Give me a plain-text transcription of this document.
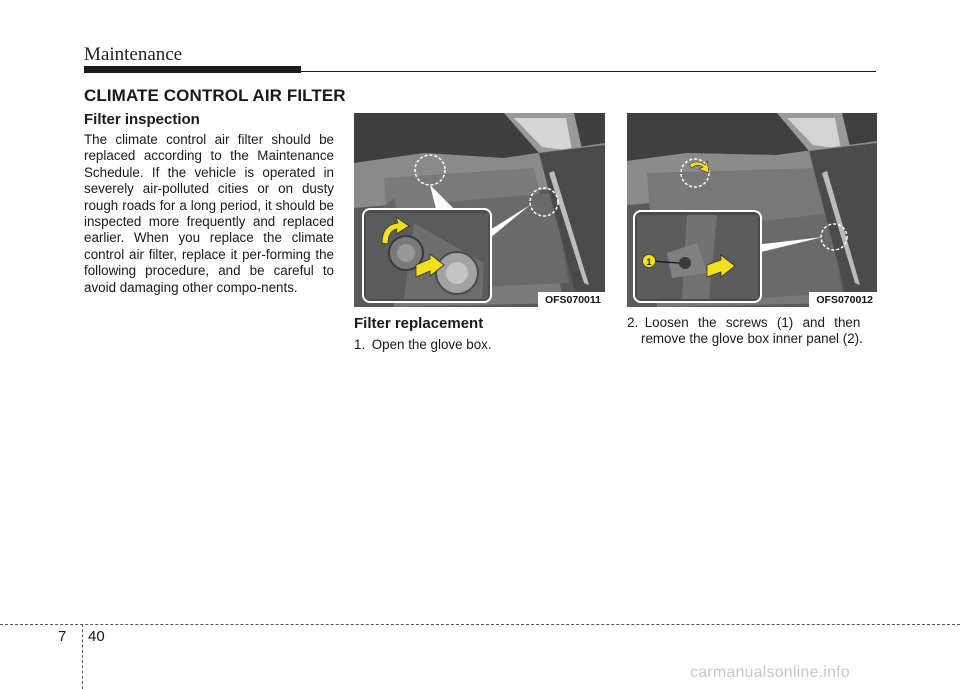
Maintenance
CLIMATE CONTROL AIR FILTER
Filter inspection
The climate control air filter should be replaced according to the Maintenance Schedule. If the vehicle is operated in severely air-polluted cities or on dusty rough roads for a long period, it should be inspected more frequently and replaced earlier. When you replace the climate control air filter, replace it per-forming the following procedure, and be careful to avoid damaging other compo-nents.
OFS070011
1
OFS070012
Filter replacement
1. Open the glove box.
2. Loosen the screws (1) and then
remove the glove box inner panel (2).
7 40
carmanualsonline.info
